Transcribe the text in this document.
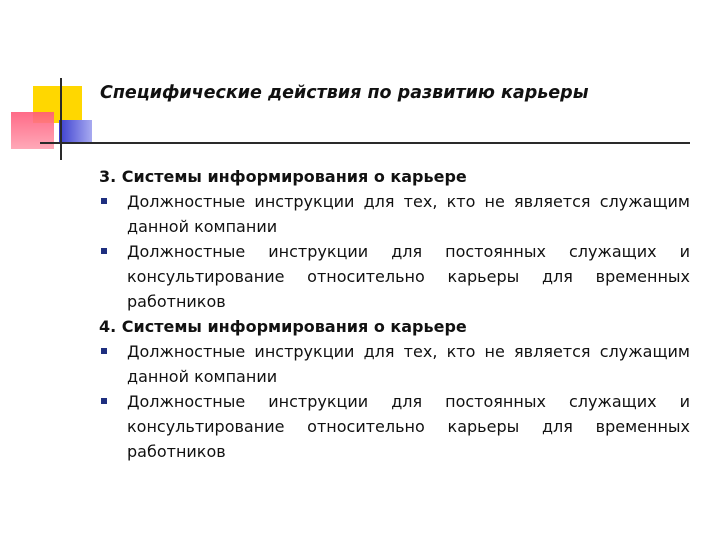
Специфические действия по развитию карьеры
3. Системы информирования о карьере
Должностные инструкции для тех, кто не является служащим данной компании
Должностные инструкции для постоянных служащих и консультирование относительно карьеры для временных работников
4. Системы информирования о карьере
Должностные инструкции для тех, кто не является служащим данной компании
Должностные инструкции для постоянных служащих и консультирование относительно карьеры для временных работников
